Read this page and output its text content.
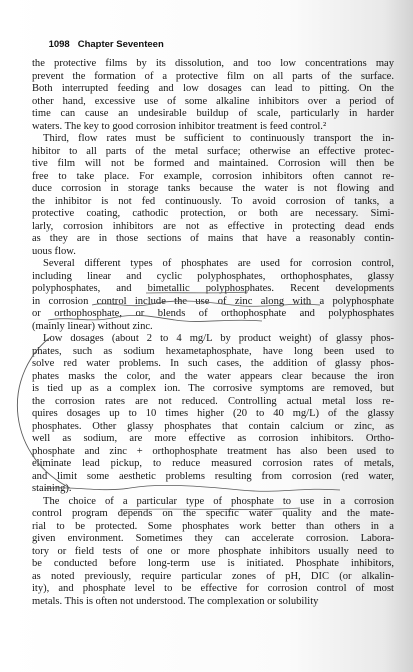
1098 Chapter Seventeen

the protective films by its dissolution, and too low concentrations may
prevent the formation of a protective film on all parts of the surface.
Both interrupted feeding and low dosages can lead to pitting. On the
other hand, excessive use of some alkaline inhibitors over a period of
time can cause an undesirable buildup of scale, particularly in harder
waters. The key to good corrosion inhibitor treatment is feed control.²
Third, flow rates must be sufficient to continuously transport the in-
hibitor to all parts of the metal surface; otherwise an effective protec-
tive film will not be formed and maintained. Corrosion will then be
free to take place. For example, corrosion inhibitors often cannot re-
duce corrosion in storage tanks because the water is not flowing and
the inhibitor is not fed continuously. To avoid corrosion of tanks, a
protective coating, cathodic protection, or both are necessary. Simi-
larly, corrosion inhibitors are not as effective in protecting dead ends
as they are in those sections of mains that have a reasonably contin-
uous flow.
Several different types of phosphates are used for corrosion control,
including linear and cyclic polyphosphates, orthophosphates, glassy
polyphosphates, and bimetallic polyphosphates. Recent developments
in corrosion control include the use of zinc along with a polyphosphate
or orthophosphate, or blends of orthophosphate and polyphosphates
(mainly linear) without zinc.
Low dosages (about 2 to 4 mg/L by product weight) of glassy phos-
phates, such as sodium hexametaphosphate, have long been used to
solve red water problems. In such cases, the addition of glassy phos-
phates masks the color, and the water appears clear because the iron
is tied up as a complex ion. The corrosive symptoms are removed, but
the corrosion rates are not reduced. Controlling actual metal loss re-
quires dosages up to 10 times higher (20 to 40 mg/L) of the glassy
phosphates. Other glassy phosphates that contain calcium or zinc, as
well as sodium, are more effective as corrosion inhibitors. Ortho-
phosphate and zinc + orthophosphate treatment has also been used to
eliminate lead pickup, to reduce measured corrosion rates of metals,
and limit some aesthetic problems resulting from corrosion (red water,
staining).
The choice of a particular type of phosphate to use in a corrosion
control program depends on the specific water quality and the mate-
rial to be protected. Some phosphates work better than others in a
given environment. Sometimes they can accelerate corrosion. Labora-
tory or field tests of one or more phosphate inhibitors usually need to
be conducted before long-term use is initiated. Phosphate inhibitors,
as noted previously, require particular zones of pH, DIC (or alkalin-
ity), and phosphate level to be effective for corrosion control of most
metals. This is often not understood. The complexation or solubility
